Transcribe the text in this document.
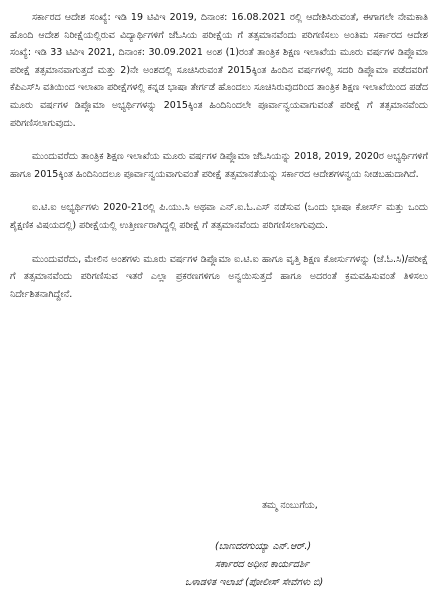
ಸರ್ಕಾರದ ಆದೇಶ ಸಂಖ್ಯೆ: ಇಡಿ 19 ಟಿವಿಇ 2019, ದಿನಾಂಕ: 16.08.2021 ರಲ್ಲಿ ಆದೇಶಿಸಿರುವಂತೆ, ಈಗಾಗಲೇ ನೇಮಕಾತಿ ಹೊಂದಿ ಆದೇಶ ನಿರೀಕ್ಷೆಯಲ್ಲಿರುವ ವಿದ್ಯಾರ್ಥಿಗಳಿಗೆ ಜೆಓಸಿಯ ಪರೀಕ್ಷೆಯ ಗೆ ತತ್ಸಮಾನವೆಂದು ಪರಿಗಣಿಸಲು ಅಂತಿಮ ಸರ್ಕಾರದ ಆದೇಶ ಸಂಖ್ಯೆ: ಇಡಿ 33 ಟಿವಿಇ 2021, ದಿನಾಂಕ: 30.09.2021 ಅಂಶ (1)ರಂತೆ ತಾಂತ್ರಿಕ ಶಿಕ್ಷಣ ಇಲಾಖೆಯ ಮೂರು ವರ್ಷಗಳ ಡಿಪ್ಲೊಮಾ ಪರೀಕ್ಷೆ ತತ್ಸಮಾನವಾಗುತ್ತದೆ ಮತ್ತು 2)ನೇ ಅಂಶದಲ್ಲಿ ಸೂಚಿಸಿರುವಂತೆ 2015ಕ್ಕಿಂತ ಹಿಂದಿನ ವರ್ಷಗಳಲ್ಲಿ ಸದರಿ ಡಿಪ್ಲೊಮಾ ಪಡೆದವರಿಗೆ ಕೆಪಿಎಸ್‌ಸಿ ವತಿಯಿಂದ ಇಲಾಖಾ ಪರೀಕ್ಷೆಗಳಲ್ಲಿ ಕನ್ನಡ ಭಾಷಾ ತೇರ್ಗಡೆ ಹೊಂದಲು ಸೂಚಿಸಿರುವುದರಿಂದ ತಾಂತ್ರಿಕ ಶಿಕ್ಷಣ ಇಲಾಖೆಯಿಂದ ಪಡೆದ ಮೂರು ವರ್ಷಗಳ ಡಿಪ್ಲೊಮಾ ಅಭ್ಯರ್ಥಿಗಳನ್ನು 2015ಕ್ಕಿಂತ ಹಿಂದಿನಿಂದಲೇ ಪೂರ್ವಾನ್ವಯವಾಗುವಂತೆ ಪರೀಕ್ಷೆ ಗೆ ತತ್ಸಮಾನವೆಂದು ಪರಿಗಣಿಸಲಾಗುವುದು.

ಮುಂದುವರೆದು ತಾಂತ್ರಿಕ ಶಿಕ್ಷಣ ಇಲಾಖೆಯ ಮೂರು ವರ್ಷಗಳ ಡಿಪ್ಲೊಮಾ ಜೆಓಸಿಯನ್ನು 2018, 2019, 2020ರ ಅಭ್ಯರ್ಥಿಗಳಿಗೆ ಹಾಗೂ 2015ಕ್ಕಿಂತ ಹಿಂದಿನಿಂದಲೂ ಪೂರ್ವಾನ್ವಯವಾಗುವಂತೆ ಪರೀಕ್ಷೆ ತತ್ಸಮಾನತೆಯನ್ನು ಸರ್ಕಾರದ ಆದೇಶಗಳನ್ವಯ ನೀಡಬಹುದಾಗಿದೆ.

ಐ.ಟಿ.ಐ ಅಭ್ಯರ್ಥಿಗಳು 2020-21ರಲ್ಲಿ ಪಿ.ಯು.ಸಿ ಅಥವಾ ಎನ್.ಐ.ಓ.ಎಸ್ ನಡೆಸುವ (ಒಂದು ಭಾಷಾ ಕೋರ್ಸ್ ಮತ್ತು ಒಂದು ಶೈಕ್ಷಣಿಕ ವಿಷಯದಲ್ಲಿ) ಪರೀಕ್ಷೆಯಲ್ಲಿ ಉತ್ತೀರ್ಣರಾಗಿದ್ದಲ್ಲಿ ಪರೀಕ್ಷೆ ಗೆ ತತ್ಸಮಾನವೆಂದು ಪರಿಗಣಿಸಲಾಗುವುದು.

ಮುಂದುವರೆದು, ಮೇಲಿನ ಅಂಶಗಳು ಮೂರು ವರ್ಷಗಳ ಡಿಪ್ಲೊಮಾ ಐ.ಟಿ.ಐ ಹಾಗೂ ವೃತ್ತಿ ಶಿಕ್ಷಣ ಕೋರ್ಸುಗಳನ್ನು (ಜೆ.ಓ.ಸಿ)/ಪರೀಕ್ಷೆ ಗೆ ತತ್ಸಮಾನವೆಂದು ಪರಿಗಣಿಸುವ ಇತರೆ ಎಲ್ಲಾ ಪ್ರಕರಣಗಳಿಗೂ ಅನ್ವಯಿಸುತ್ತದೆ ಹಾಗೂ ಅದರಂತೆ ಕ್ರಮವಹಿಸುವಂತೆ ತಿಳಿಸಲು ನಿರ್ದೇಶಿತನಾಗಿದ್ದೇನೆ.

ತಮ್ಮ ನಂಬುಗೆಯ,
(ಬಾಣದರಗುಯ್ಯಾ ಎನ್.ಆರ್.)
ಸರ್ಕಾರದ ಅಧೀನ ಕಾರ್ಯದರ್ಶಿ
ಒಳಾಡಳಿತ ಇಲಾಖೆ (ಪೋಲೀಸ್ ಸೇವೆಗಳು ಬಿ)
